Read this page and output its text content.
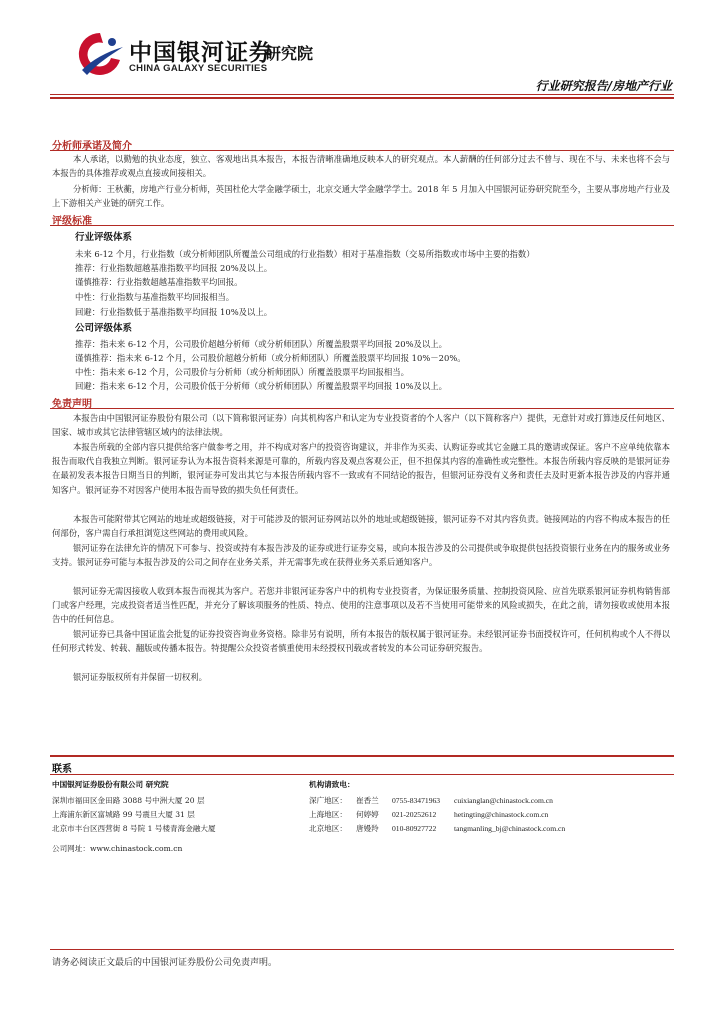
中国银河证券
CHINA GALAXY SECURITIES
研究院
行业研究报告/房地产行业
分析师承诺及简介

本人承诺，以勤勉的执业态度，独立、客观地出具本报告，本报告清晰准确地反映本人的研究观点。本人薪酬的任何部分过去不曾与、现在不与、未来也将不会与本报告的具体推荐或观点直接或间接相关。

分析师：王秋蘅，房地产行业分析师，英国杜伦大学金融学硕士，北京交通大学金融学学士。2018 年 5 月加入中国银河证券研究院至今，主要从事房地产行业及上下游相关产业链的研究工作。

评级标准
行业评级体系
未来 6-12 个月，行业指数（或分析师团队所覆盖公司组成的行业指数）相对于基准指数（交易所指数或市场中主要的指数）
推荐：行业指数超越基准指数平均回报 20%及以上。
谨慎推荐：行业指数超越基准指数平均回报。
中性：行业指数与基准指数平均回报相当。
回避：行业指数低于基准指数平均回报 10%及以上。
公司评级体系
推荐：指未来 6-12 个月，公司股价超越分析师（或分析师团队）所覆盖股票平均回报 20%及以上。
谨慎推荐：指未来 6-12 个月，公司股价超越分析师（或分析师团队）所覆盖股票平均回报 10%－20%。
中性：指未来 6-12 个月，公司股价与分析师（或分析师团队）所覆盖股票平均回报相当。
回避：指未来 6-12 个月，公司股价低于分析师（或分析师团队）所覆盖股票平均回报 10%及以上。
免责声明

本报告由中国银河证券股份有限公司（以下简称银河证券）向其机构客户和认定为专业投资者的个人客户（以下简称客户）提供，无意针对或打算违反任何地区、国家、城市或其它法律管辖区域内的法律法规。

本报告所载的全部内容只提供给客户做参考之用，并不构成对客户的投资咨询建议，并非作为买卖、认购证券或其它金融工具的邀请或保证。客户不应单纯依靠本报告而取代自我独立判断。银河证券认为本报告资料来源是可靠的，所载内容及观点客观公正，但不担保其内容的准确性或完整性。本报告所载内容反映的是银河证券在最初发表本报告日期当日的判断，银河证券可发出其它与本报告所载内容不一致或有不同结论的报告，但银河证券没有义务和责任去及时更新本报告涉及的内容并通知客户。银河证券不对因客户使用本报告而导致的损失负任何责任。

本报告可能附带其它网站的地址或超级链接，对于可能涉及的银河证券网站以外的地址或超级链接，银河证券不对其内容负责。链接网站的内容不构成本报告的任何部份，客户需自行承担浏览这些网站的费用或风险。

银河证券在法律允许的情况下可参与、投资或持有本报告涉及的证券或进行证券交易，或向本报告涉及的公司提供或争取提供包括投资银行业务在内的服务或业务支持。银河证券可能与本报告涉及的公司之间存在业务关系，并无需事先或在获得业务关系后通知客户。

银河证券无需因接收人收到本报告而视其为客户。若您并非银河证券客户中的机构专业投资者，为保证服务质量、控制投资风险、应首先联系银河证券机构销售部门或客户经理，完成投资者适当性匹配，并充分了解该项服务的性质、特点、使用的注意事项以及若不当使用可能带来的风险或损失，在此之前，请勿接收或使用本报告中的任何信息。

银河证券已具备中国证监会批复的证券投资咨询业务资格。除非另有说明，所有本报告的版权属于银河证券。未经银河证券书面授权许可，任何机构或个人不得以任何形式转发、转载、翻版或传播本报告。特提醒公众投资者慎重使用未经授权刊载或者转发的本公司证券研究报告。

银河证券版权所有并保留一切权利。

联系
中国银河证券股份有限公司 研究院
深圳市福田区金田路 3088 号中洲大厦 20 层
上海浦东新区富城路 99 号震旦大厦 31 层
北京市丰台区西营街 8 号院 1 号楼青海金融大厦
公司网址：www.chinastock.com.cn
机构请致电：
深广地区： 崔香兰 0755-83471963 cuixianglan@chinastock.com.cn
上海地区： 何婷婷 021-20252612 hetingting@chinastock.com.cn
北京地区： 唐嫚羚 010-80927722 tangmanling_bj@chinastock.com.cn
请务必阅读正文最后的中国银河证券股份公司免责声明。
